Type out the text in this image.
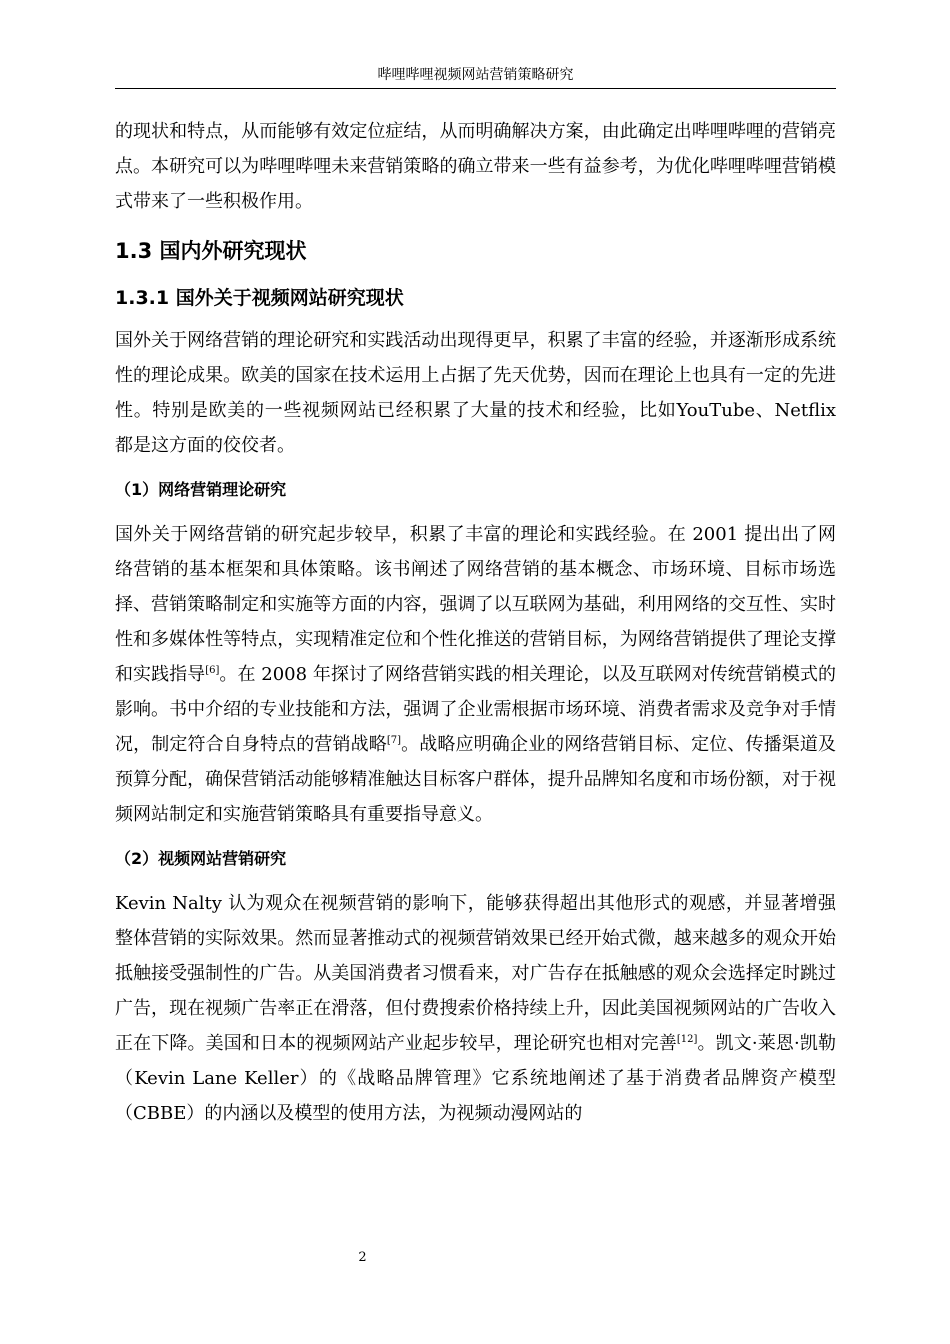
哔哩哔哩视频网站营销策略研究

的现状和特点，从而能够有效定位症结，从而明确解决方案，由此确定出哔哩哔哩的营销亮点。本研究可以为哔哩哔哩未来营销策略的确立带来一些有益参考，为优化哔哩哔哩营销模式带来了一些积极作用。

1.3 国内外研究现状
1.3.1 国外关于视频网站研究现状

国外关于网络营销的理论研究和实践活动出现得更早，积累了丰富的经验，并逐渐形成系统性的理论成果。欧美的国家在技术运用上占据了先天优势，因而在理论上也具有一定的先进性。特别是欧美的一些视频网站已经积累了大量的技术和经验，比如YouTube、Netflix 都是这方面的佼佼者。

（1）网络营销理论研究

国外关于网络营销的研究起步较早，积累了丰富的理论和实践经验。在 2001 提出出了网络营销的基本框架和具体策略。该书阐述了网络营销的基本概念、市场环境、目标市场选择、营销策略制定和实施等方面的内容，强调了以互联网为基础，利用网络的交互性、实时性和多媒体性等特点，实现精准定位和个性化推送的营销目标，为网络营销提供了理论支撑和实践指导[6]。在 2008 年探讨了网络营销实践的相关理论，以及互联网对传统营销模式的影响。书中介绍的专业技能和方法，强调了企业需根据市场环境、消费者需求及竞争对手情况，制定符合自身特点的营销战略[7]。战略应明确企业的网络营销目标、定位、传播渠道及预算分配，确保营销活动能够精准触达目标客户群体，提升品牌知名度和市场份额，对于视频网站制定和实施营销策略具有重要指导意义。

（2）视频网站营销研究

Kevin Nalty 认为观众在视频营销的影响下，能够获得超出其他形式的观感，并显著增强整体营销的实际效果。然而显著推动式的视频营销效果已经开始式微，越来越多的观众开始抵触接受强制性的广告。从美国消费者习惯看来，对广告存在抵触感的观众会选择定时跳过广告，现在视频广告率正在滑落，但付费搜索价格持续上升，因此美国视频网站的广告收入正在下降。美国和日本的视频网站产业起步较早，理论研究也相对完善[12]。凯文·莱恩·凯勒（Kevin Lane Keller）的《战略品牌管理》它系统地阐述了基于消费者品牌资产模型（CBBE）的内涵以及模型的使用方法，为视频动漫网站的

2
